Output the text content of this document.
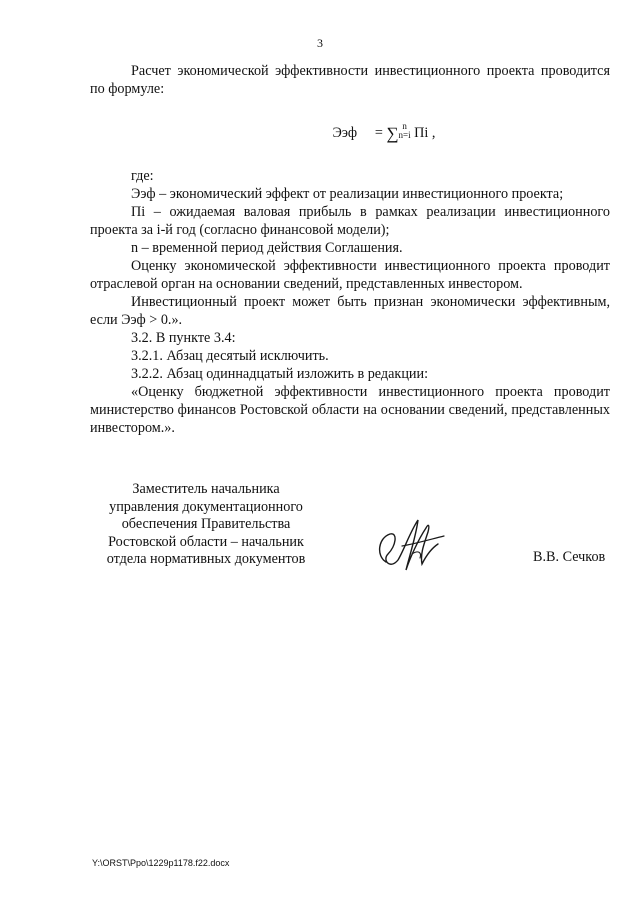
3

Расчет экономической эффективности инвестиционного проекта проводится по формуле:

Ээф = ∑ n
n=i Пi ,

где:

Ээф – экономический эффект от реализации инвестиционного проекта;

Пi – ожидаемая валовая прибыль в рамках реализации инвестиционного проекта за i-й год (согласно финансовой модели);

n – временной период действия Соглашения.

Оценку экономической эффективности инвестиционного проекта проводит отраслевой орган на основании сведений, представленных инвестором.

Инвестиционный проект может быть признан экономически эффективным, если Ээф > 0.».

3.2. В пункте 3.4:

3.2.1. Абзац десятый исключить.

3.2.2. Абзац одиннадцатый изложить в редакции:

«Оценку бюджетной эффективности инвестиционного проекта проводит министерство финансов Ростовской области на основании сведений, представленных инвестором.».

Заместитель начальника

управления документационного

обеспечения Правительства

Ростовской области – начальник

отдела нормативных документов	В.В. Сечков
Y:\ORST\Ppo\1229p1178.f22.docx
